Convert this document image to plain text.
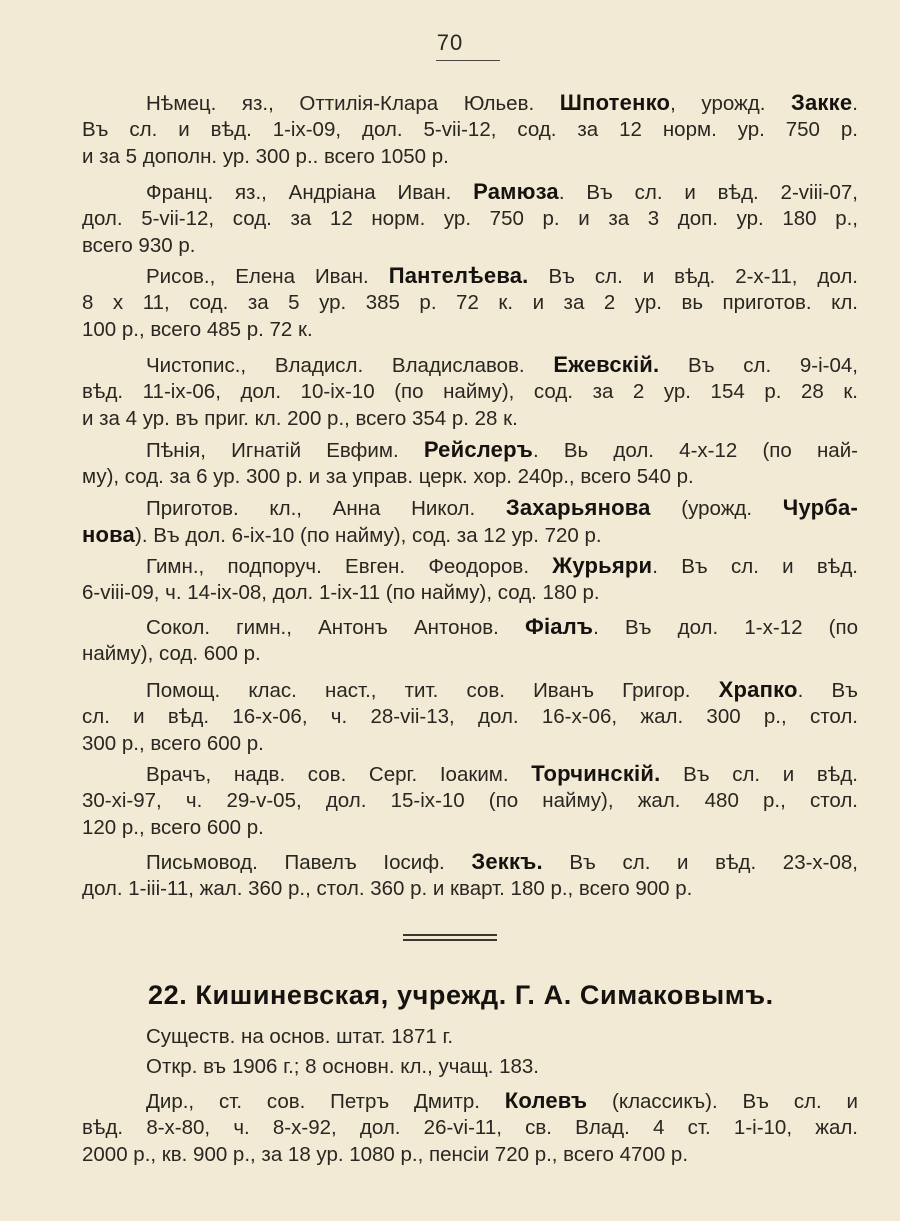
70
Нѣмец. яз., Оттилія-Клара Юльев. Шпотенко, урожд. Закке.
Въ сл. и вѣд. 1-ix-09, дол. 5-vii-12, сод. за 12 норм. ур. 750 р.
и за 5 дополн. ур. 300 р.. всего 1050 р.
Франц. яз., Андріана Иван. Рамюза. Въ сл. и вѣд. 2-viii-07,
дол. 5-vii-12, сод. за 12 норм. ур. 750 р. и за 3 доп. ур. 180 р.,
всего 930 р.
Рисов., Елена Иван. Пантелѣева. Въ сл. и вѣд. 2-x-11, дол.
8 x 11, сод. за 5 ур. 385 р. 72 к. и за 2 ур. вь приготов. кл.
100 р., всего 485 р. 72 к.
Чистопис., Владисл. Владиславов. Ежевскій. Въ сл. 9-i-04,
вѣд. 11-ix-06, дол. 10-ix-10 (по найму), сод. за 2 ур. 154 р. 28 к.
и за 4 ур. въ приг. кл. 200 р., всего 354 р. 28 к.
Пѣнія, Игнатій Евфим. Рейслеръ. Вь дол. 4-x-12 (по най-
му), сод. за 6 ур. 300 р. и за управ. церк. хор. 240р., всего 540 р.
Приготов. кл., Анна Никол. Захарьянова (урожд. Чурба-
нова). Въ дол. 6-ix-10 (по найму), сод. за 12 ур. 720 р.
Гимн., подпоруч. Евген. Феодоров. Журьяри. Въ сл. и вѣд.
6-viii-09, ч. 14-ix-08, дол. 1-ix-11 (по найму), сод. 180 р.
Сокол. гимн., Антонъ Антонов. Фіалъ. Въ дол. 1-x-12 (по
найму), сод. 600 р.
Помощ. клас. наст., тит. сов. Иванъ Григор. Храпко. Въ
сл. и вѣд. 16-x-06, ч. 28-vii-13, дол. 16-x-06, жал. 300 р., стол.
300 р., всего 600 р.
Врачъ, надв. сов. Серг. Іоаким. Торчинскій. Въ сл. и вѣд.
30-xi-97, ч. 29-v-05, дол. 15-ix-10 (по найму), жал. 480 р., стол.
120 р., всего 600 р.
Письмовод. Павелъ Іосиф. Зеккъ. Въ сл. и вѣд. 23-x-08,
дол. 1-iii-11, жал. 360 р., стол. 360 р. и кварт. 180 р., всего 900 р.
22. Кишиневская, учрежд. Г. А. Симаковымъ.
Существ. на основ. штат. 1871 г.
Откр. въ 1906 г.; 8 основн. кл., учащ. 183.
Дир., ст. сов. Петръ Дмитр. Колевъ (классикъ). Въ сл. и
вѣд. 8-x-80, ч. 8-x-92, дол. 26-vi-11, св. Влад. 4 ст. 1-i-10, жал.
2000 р., кв. 900 р., за 18 ур. 1080 р., пенсіи 720 р., всего 4700 р.
